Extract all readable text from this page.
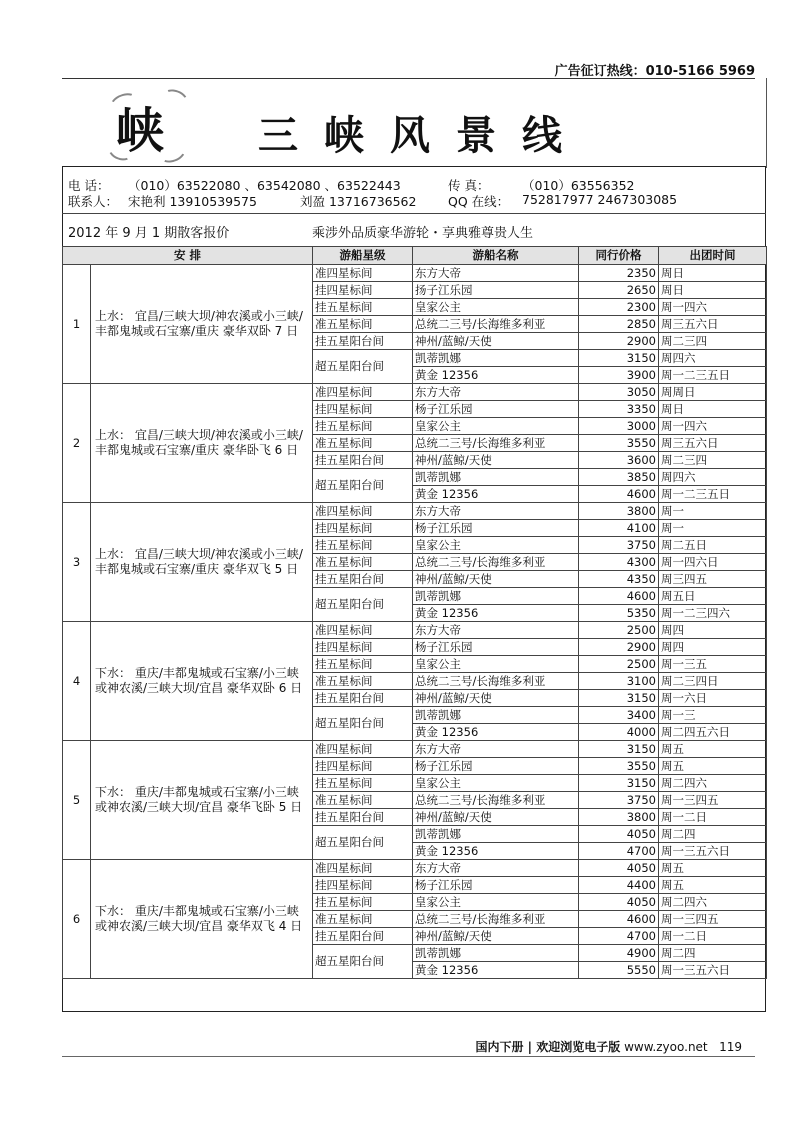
广告征订热线：010-5166 5969
峡 三峡风景线
电 话： （010）63522080 、63542080 、63522443	传 真：	（010）63556352
联系人： 宋艳利 13910539575	刘盈 13716736562	QQ 在线： 752817977 2467303085
2012 年 9 月 1 期散客报价	乘涉外品质豪华游轮・享典雅尊贵人生
安 排		游船星级	游船名称	同行价格	出团时间
1	上水： 宜昌/三峡大坝/神农溪或小三峡/ 丰都鬼城或石宝寨/重庆 豪华双卧 7 日	准四星标间	东方大帝	2350	周日
		挂四星标间	扬子江乐园	2650	周日
		挂五星标间	皇家公主	2300	周一四六
		准五星标间	总统二三号/长海维多利亚	2850	周三五六日
		挂五星阳台间	神州/蓝鲸/天使	2900	周二三四
		超五星阳台间	凯蒂凯娜	3150	周四六
			黄金 12356	3900	周一二三五日
2	上水： 宜昌/三峡大坝/神农溪或小三峡/ 丰都鬼城或石宝寨/重庆 豪华卧飞 6 日	准四星标间	东方大帝	3050	周周日
		挂四星标间	杨子江乐园	3350	周日
		挂五星标间	皇家公主	3000	周一四六
		准五星标间	总统二三号/长海维多利亚	3550	周三五六日
		挂五星阳台间	神州/蓝鲸/天使	3600	周二三四
		超五星阳台间	凯蒂凯娜	3850	周四六
			黄金 12356	4600	周一二三五日
3	上水： 宜昌/三峡大坝/神农溪或小三峡/ 丰都鬼城或石宝寨/重庆 豪华双飞 5 日	准四星标间	东方大帝	3800	周一
		挂四星标间	杨子江乐园	4100	周一
		挂五星标间	皇家公主	3750	周二五日
		准五星标间	总统二三号/长海维多利亚	4300	周一四六日
		挂五星阳台间	神州/蓝鲸/天使	4350	周三四五
		超五星阳台间	凯蒂凯娜	4600	周五日
			黄金 12356	5350	周一二三四六
4	下水： 重庆/丰都鬼城或石宝寨/小三峡 或神农溪/三峡大坝/宜昌 豪华双卧 6 日	准四星标间	东方大帝	2500	周四
		挂四星标间	杨子江乐园	2900	周四
		挂五星标间	皇家公主	2500	周一三五
		准五星标间	总统二三号/长海维多利亚	3100	周二三四日
		挂五星阳台间	神州/蓝鲸/天使	3150	周一六日
		超五星阳台间	凯蒂凯娜	3400	周一三
			黄金 12356	4000	周二四五六日
5	下水： 重庆/丰都鬼城或石宝寨/小三峡 或神农溪/三峡大坝/宜昌 豪华飞卧 5 日	准四星标间	东方大帝	3150	周五
		挂四星标间	杨子江乐园	3550	周五
		挂五星标间	皇家公主	3150	周二四六
		准五星标间	总统二三号/长海维多利亚	3750	周一三四五
		挂五星阳台间	神州/蓝鲸/天使	3800	周一二日
		超五星阳台间	凯蒂凯娜	4050	周二四
			黄金 12356	4700	周一三五六日
6	下水： 重庆/丰都鬼城或石宝寨/小三峡 或神农溪/三峡大坝/宜昌 豪华双飞 4 日	准四星标间	东方大帝	4050	周五
		挂四星标间	杨子江乐园	4400	周五
		挂五星标间	皇家公主	4050	周二四六
		准五星标间	总统二三号/长海维多利亚	4600	周一三四五
		挂五星阳台间	神州/蓝鲸/天使	4700	周一二日
		超五星阳台间	凯蒂凯娜	4900	周二四
			黄金 12356	5550	周一三五六日
国内下册 | 欢迎浏览电子版 www.zyoo.net 119
